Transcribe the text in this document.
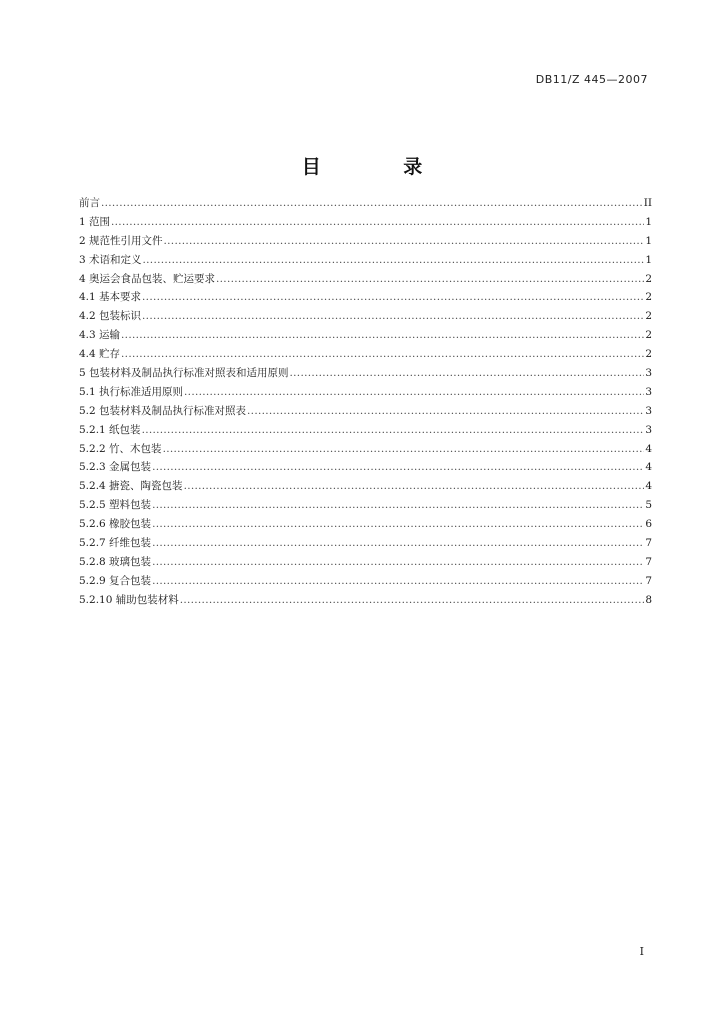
DB11/Z 445—2007
目 录
前言 .....	II
1 范围 .....	1
2 规范性引用文件 .....	1
3 术语和定义 .....	1
4 奥运会食品包装、贮运要求 .....	2
4.1 基本要求 .....	2
4.2 包装标识 .....	2
4.3 运输 .....	2
4.4 贮存 .....	2
5 包装材料及制品执行标准对照表和适用原则 .....	3
5.1 执行标准适用原则 .....	3
5.2 包装材料及制品执行标准对照表 .....	3
5.2.1 纸包装 .....	3
5.2.2 竹、木包装 .....	4
5.2.3 金属包装 .....	4
5.2.4 搪瓷、陶瓷包装 .....	4
5.2.5 塑料包装 .....	5
5.2.6 橡胶包装 .....	6
5.2.7 纤维包装 .....	7
5.2.8 玻璃包装 .....	7
5.2.9 复合包装 .....	7
5.2.10 辅助包装材料 .....	8
I
